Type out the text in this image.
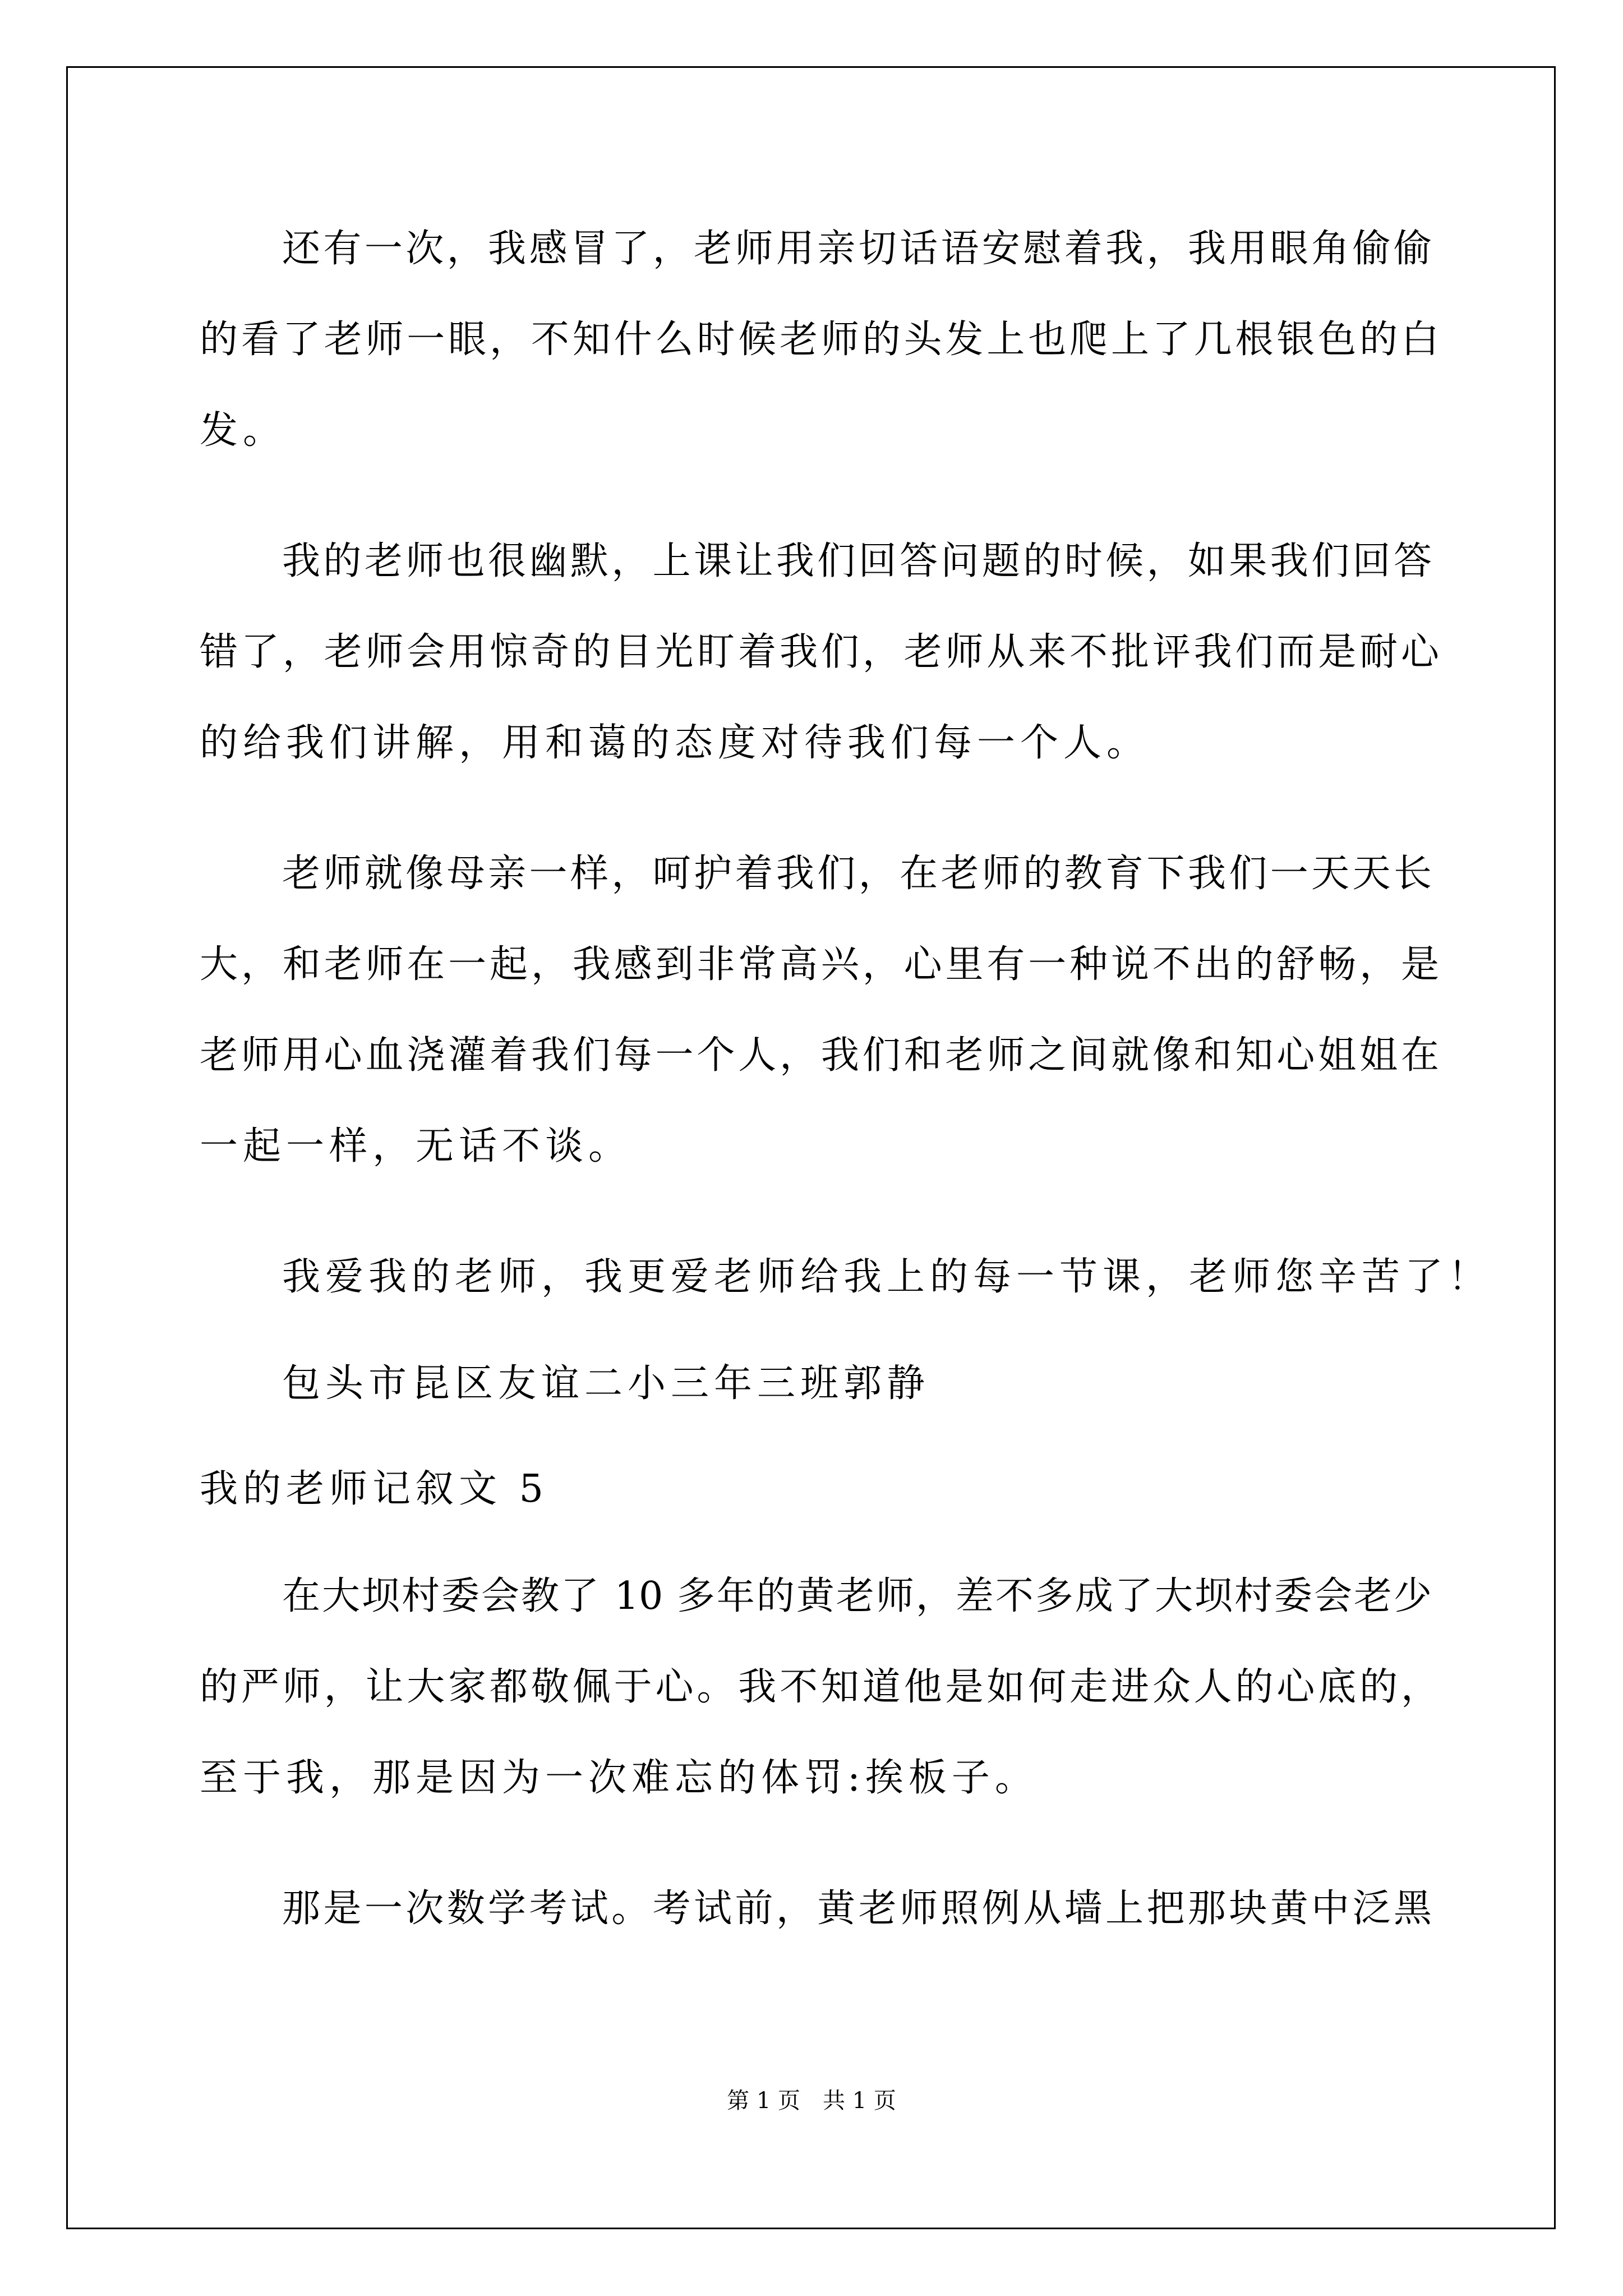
还有一次，我感冒了，老师用亲切话语安慰着我，我用眼角偷偷
的看了老师一眼，不知什么时候老师的头发上也爬上了几根银色的白
发。
我的老师也很幽默，上课让我们回答问题的时候，如果我们回答
错了，老师会用惊奇的目光盯着我们，老师从来不批评我们而是耐心
的给我们讲解，用和蔼的态度对待我们每一个人。
老师就像母亲一样，呵护着我们，在老师的教育下我们一天天长
大，和老师在一起，我感到非常高兴，心里有一种说不出的舒畅，是
老师用心血浇灌着我们每一个人，我们和老师之间就像和知心姐姐在
一起一样，无话不谈。
我爱我的老师，我更爱老师给我上的每一节课，老师您辛苦了！
包头市昆区友谊二小三年三班郭静
我的老师记叙文 5
在大坝村委会教了 10 多年的黄老师，差不多成了大坝村委会老少
的严师，让大家都敬佩于心。我不知道他是如何走进众人的心底的，
至于我，那是因为一次难忘的体罚:挨板子。
那是一次数学考试。考试前，黄老师照例从墙上把那块黄中泛黑
第 1 页　共 1 页
